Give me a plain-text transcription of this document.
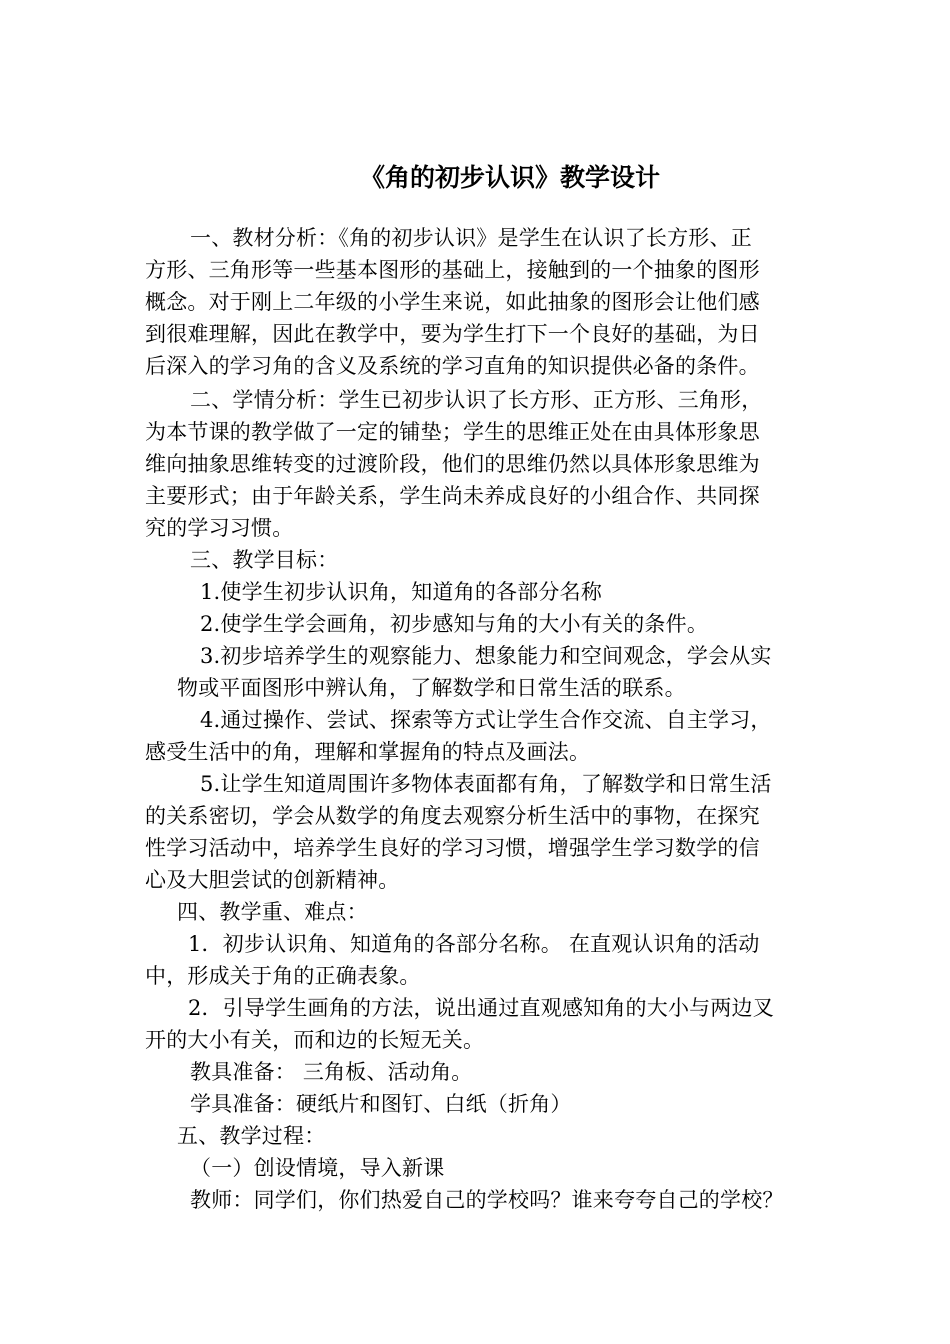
《角的初步认识》教学设计
一、教材分析：《角的初步认识》是学生在认识了长方形、正
方形、三角形等一些基本图形的基础上，接触到的一个抽象的图形
概念。对于刚上二年级的小学生来说，如此抽象的图形会让他们感
到很难理解，因此在教学中，要为学生打下一个良好的基础，为日
后深入的学习角的含义及系统的学习直角的知识提供必备的条件。
二、学情分析：学生已初步认识了长方形、正方形、三角形，
为本节课的教学做了一定的铺垫；学生的思维正处在由具体形象思
维向抽象思维转变的过渡阶段，他们的思维仍然以具体形象思维为
主要形式；由于年龄关系，学生尚未养成良好的小组合作、共同探
究的学习习惯。
三、教学目标：
1.使学生初步认识角，知道角的各部分名称
2.使学生学会画角，初步感知与角的大小有关的条件。
3.初步培养学生的观察能力、想象能力和空间观念，学会从实
物或平面图形中辨认角，了解数学和日常生活的联系。
4.通过操作、尝试、探索等方式让学生合作交流、自主学习，
感受生活中的角，理解和掌握角的特点及画法。
5.让学生知道周围许多物体表面都有角，了解数学和日常生活
的关系密切，学会从数学的角度去观察分析生活中的事物，在探究
性学习活动中，培养学生良好的学习习惯，增强学生学习数学的信
心及大胆尝试的创新精神。
四、教学重、难点：
1．初步认识角、知道角的各部分名称。 在直观认识角的活动
中，形成关于角的正确表象。
2．引导学生画角的方法，说出通过直观感知角的大小与两边叉
开的大小有关，而和边的长短无关。
教具准备： 三角板、活动角。
学具准备：硬纸片和图钉、白纸（折角）
五、教学过程：
（一）创设情境，导入新课
教师：同学们，你们热爱自己的学校吗？谁来夸夸自己的学校？
